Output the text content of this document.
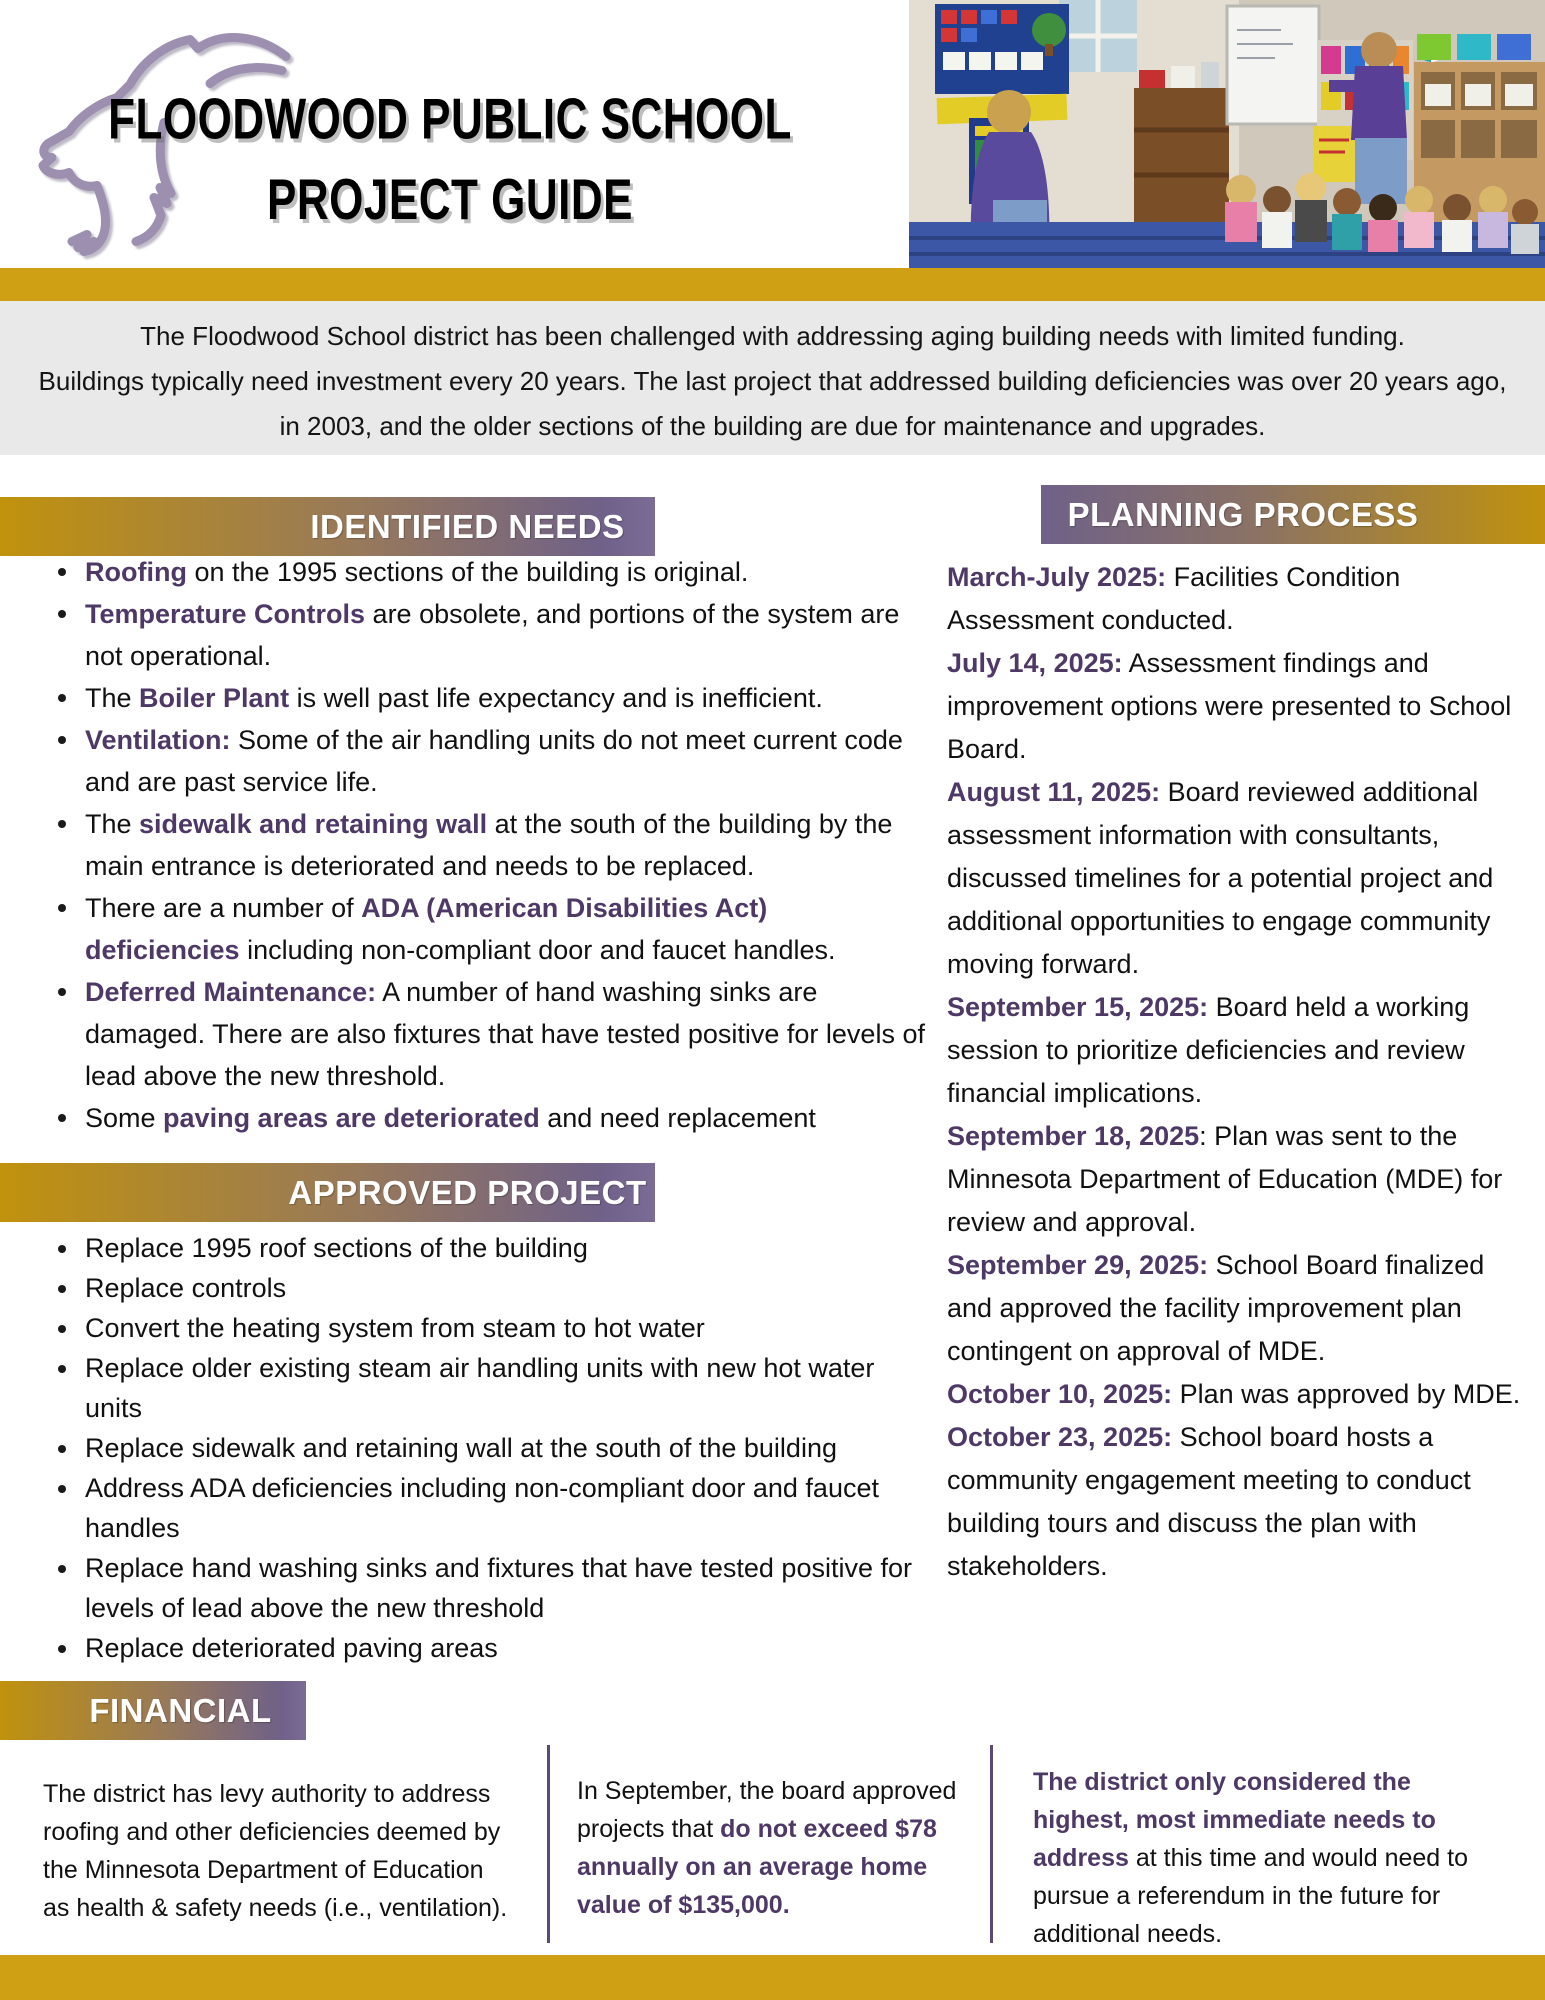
FLOODWOOD PUBLIC SCHOOL
PROJECT GUIDE
The Floodwood School district has been challenged with addressing aging building needs with limited funding.
Buildings typically need investment every 20 years. The last project that addressed building deficiencies was over 20 years ago,
in 2003, and the older sections of the building are due for maintenance and upgrades.
IDENTIFIED NEEDS
Roofing on the 1995 sections of the building is original.
Temperature Controls are obsolete, and portions of the system are not operational.
The Boiler Plant is well past life expectancy and is inefficient.
Ventilation: Some of the air handling units do not meet current code and are past service life.
The sidewalk and retaining wall at the south of the building by the main entrance is deteriorated and needs to be replaced.
There are a number of ADA (American Disabilities Act) deficiencies including non-compliant door and faucet handles.
Deferred Maintenance: A number of hand washing sinks are damaged. There are also fixtures that have tested positive for levels of lead above the new threshold.
Some paving areas are deteriorated and need replacement
APPROVED PROJECT
Replace 1995 roof sections of the building
Replace controls
Convert the heating system from steam to hot water
Replace older existing steam air handling units with new hot water units
Replace sidewalk and retaining wall at the south of the building
Address ADA deficiencies including non-compliant door and faucet handles
Replace hand washing sinks and fixtures that have tested positive for levels of lead above the new threshold
Replace deteriorated paving areas
PLANNING PROCESS

March-July 2025: Facilities Condition Assessment conducted.

July 14, 2025: Assessment findings and improvement options were presented to School Board.

August 11, 2025: Board reviewed additional assessment information with consultants, discussed timelines for a potential project and additional opportunities to engage community moving forward.

September 15, 2025: Board held a working session to prioritize deficiencies and review financial implications.

September 18, 2025: Plan was sent to the Minnesota Department of Education (MDE) for review and approval.

September 29, 2025: School Board finalized and approved the facility improvement plan contingent on approval of MDE.

October 10, 2025: Plan was approved by MDE.

October 23, 2025: School board hosts a community engagement meeting to conduct building tours and discuss the plan with stakeholders.

FINANCIAL
The district has levy authority to address
roofing and other deficiencies deemed by
the Minnesota Department of Education
as health & safety needs (i.e., ventilation).
In September, the board approved
projects that do not exceed $78
annually on an average home
value of $135,000.
The district only considered the
highest, most immediate needs to
address at this time and would need to
pursue a referendum in the future for
additional needs.
